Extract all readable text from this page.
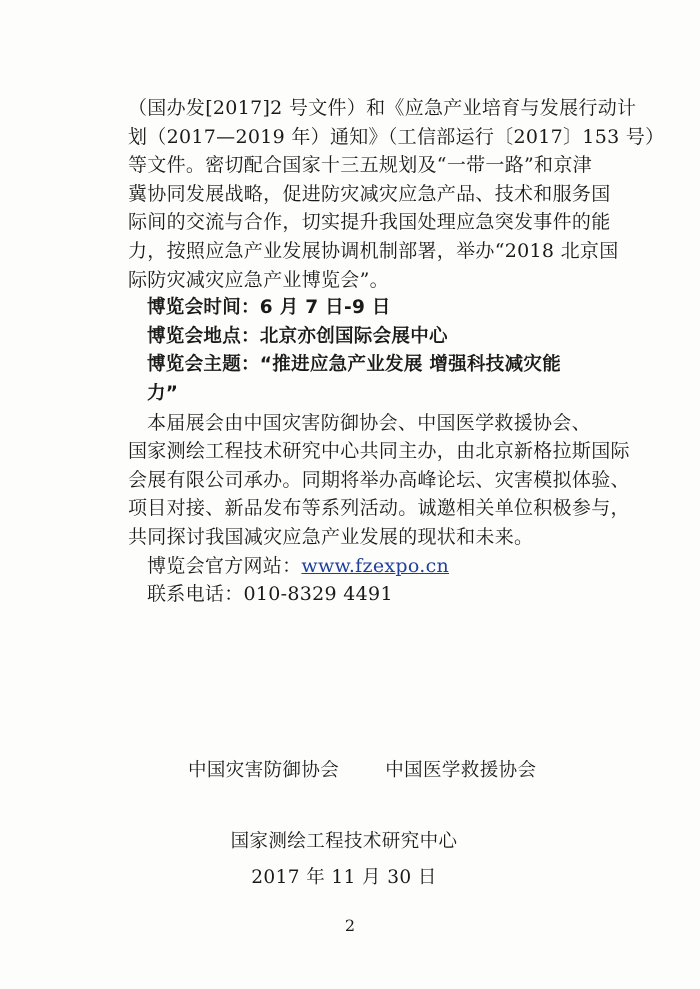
（国办发[2017]2 号文件）和《应急产业培育与发展行动计
划（2017—2019 年）通知》（工信部运行〔2017〕153 号）
等文件。密切配合国家十三五规划及“一带一路”和京津
冀协同发展战略，促进防灾减灾应急产品、技术和服务国
际间的交流与合作，切实提升我国处理应急突发事件的能
力，按照应急产业发展协调机制部署，举办“2018 北京国
际防灾减灾应急产业博览会”。

博览会时间：6 月 7 日-9 日

博览会地点：北京亦创国际会展中心

博览会主题：“推进应急产业发展 增强科技减灾能力”

本届展会由中国灾害防御协会、中国医学救援协会、
国家测绘工程技术研究中心共同主办，由北京新格拉斯国际
会展有限公司承办。同期将举办高峰论坛、灾害模拟体验、
项目对接、新品发布等系列活动。诚邀相关单位积极参与，
共同探讨我国减灾应急产业发展的现状和未来。

博览会官方网站：www.fzexpo.cn

联系电话：010-8329 4491

中国灾害防御协会 中国医学救援协会
国家测绘工程技术研究中心
2017 年 11 月 30 日
2
